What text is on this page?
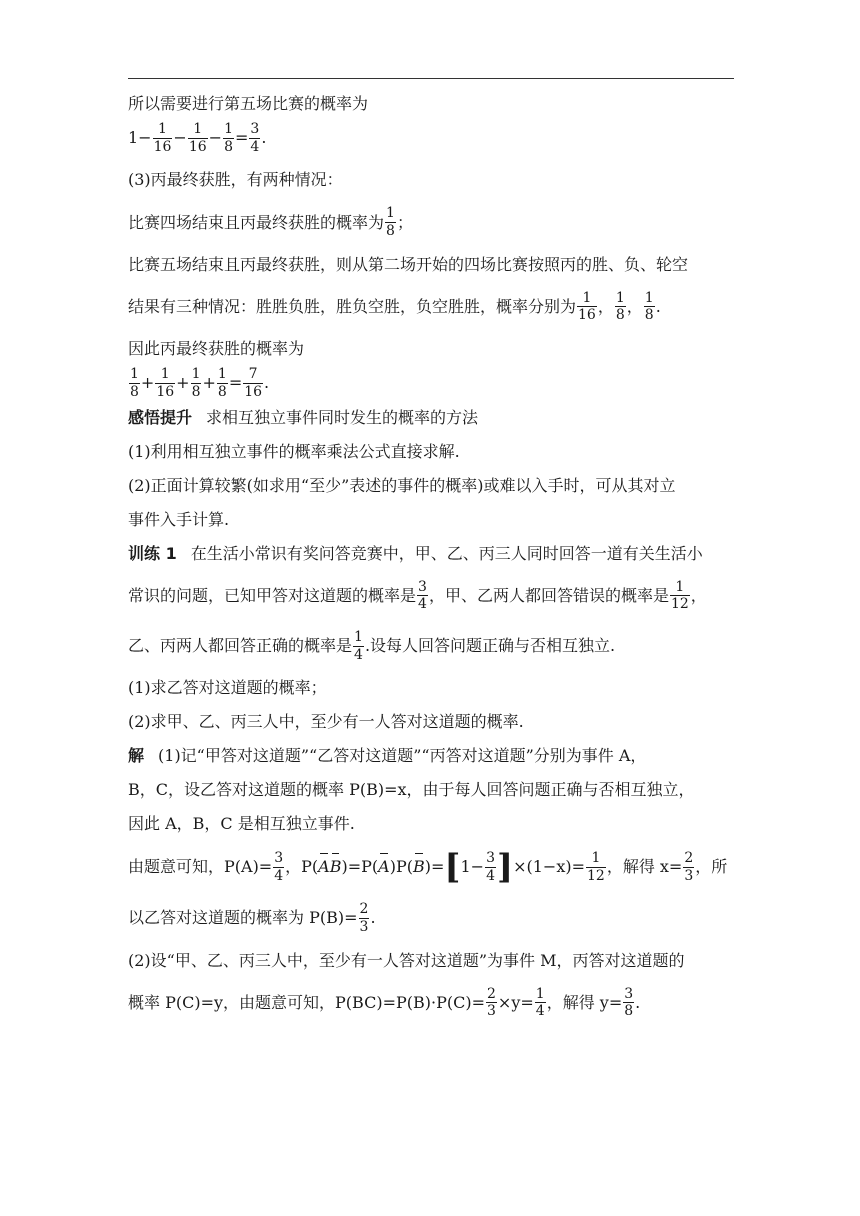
所以需要进行第五场比赛的概率为
$1- \frac{1}{16} - \frac{1}{16} - \frac{1}{8} = \frac{3}{4}$ .
(3)丙最终获胜，有两种情况：
比赛四场结束且丙最终获胜的概率为 $\frac{1}{8}$ ；
比赛五场结束且丙最终获胜，则从第二场开始的四场比赛按照丙的胜、负、轮空
结果有三种情况：胜胜负胜，胜负空胜，负空胜胜，概率分别为 $\frac{1}{16}$ ， $\frac{1}{8}$ ， $\frac{1}{8}$ .
因此丙最终获胜的概率为
$\frac{1}{8} + \frac{1}{16} + \frac{1}{8} + \frac{1}{8} = \frac{7}{16}$ .
感悟提升 求相互独立事件同时发生的概率的方法
(1)利用相互独立事件的概率乘法公式直接求解.
(2)正面计算较繁(如求用“至少”表述的事件的概率)或难以入手时，可从其对立
事件入手计算.
训练 1 在生活小常识有奖问答竞赛中，甲、乙、丙三人同时回答一道有关生活小
常识的问题，已知甲答对这道题的概率是 $\frac{3}{4}$ ，甲、乙两人都回答错误的概率是 $\frac{1}{12}$ ，
乙、丙两人都回答正确的概率是 $\frac{1}{4}$ .设每人回答问题正确与否相互独立.
(1)求乙答对这道题的概率；
(2)求甲、乙、丙三人中，至少有一人答对这道题的概率.
解 (1)记“甲答对这道题”“乙答对这道题”“丙答对这道题”分别为事件 A，
B，C，设乙答对这道题的概率 P(B)=x，由于每人回答问题正确与否相互独立，
因此 A，B，C 是相互独立事件.
由题意可知，$P(A)= \frac{3}{4}$ ，P( A B )=P( A )P( B )= [ $1- \frac{3}{4}$ ] $\times(1-x)= \frac{1}{12}$ ，解得 $x= \frac{2}{3}$ ，所
以乙答对这道题的概率为 $P(B)= \frac{2}{3}$ .
(2)设“甲、乙、丙三人中，至少有一人答对这道题”为事件 M，丙答对这道题的
概率 P(C)=y，由题意可知，$P(BC)=P(B)\cdot P(C)= \frac{2}{3} \times y= \frac{1}{4}$ ，解得 $y= \frac{3}{8}$ .
